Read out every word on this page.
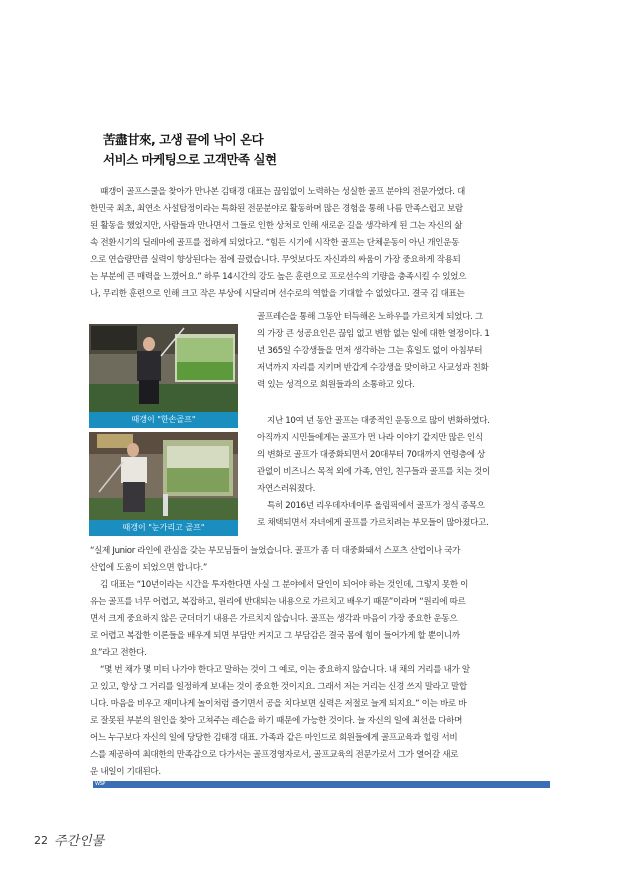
苦盡甘來, 고생 끝에 낙이 온다
서비스 마케팅으로 고객만족 실현
떄갱이 골프스쿨을 찾아가 만나본 김태경 대표는 끊임없이 노력하는 성실한 골프 분야의 전문가였다. 대
한민국 최초, 최연소 사설탐정이라는 특화된 전문분야로 활동하며 많은 경험을 통해 나름 만족스럽고 보람
된 활동을 했었지만, 사람들과 만나면서 그들로 인한 상처로 인해 새로운 길을 생각하게 된 그는 자신의 삶
속 전환시기의 딜레마에 골프를 접하게 되었다고. “힘든 시기에 시작한 골프는 단체운동이 아닌 개인운동
으로 연습량만큼 실력이 향상된다는 점에 끌렸습니다. 무엇보다도 자신과의 싸움이 가장 중요하게 작용되
는 부분에 큰 매력을 느꼈어요.” 하루 14시간의 강도 높은 훈련으로 프로선수의 기량을 충족시킬 수 있었으
나, 무리한 훈련으로 인해 크고 작은 부상에 시달리며 선수로의 역할을 기대할 수 없었다고. 결국 김 대표는
때갱이 "한손골프"
골프레슨을 통해 그동안 터득해온 노하우를 가르치게 되었다. 그
의 가장 큰 성공요인은 끊임 없고 변함 없는 일에 대한 열정이다. 1
년 365일 수강생들을 먼저 생각하는 그는 휴일도 없이 아침부터
저녁까지 자리를 지키며 반갑게 수강생을 맞이하고 사교성과 친화
력 있는 성격으로 회원들과의 소통하고 있다.
때갱이 "눈가리고 골프"
지난 10여 년 동안 골프는 대중적인 운동으로 많이 변화하였다.
아직까지 시민들에게는 골프가 먼 나라 이야기 같지만 많은 인식
의 변화로 골프가 대중화되면서 20대부터 70대까지 연령층에 상
관없이 비즈니스 목적 외에 가족, 연인, 친구들과 골프를 치는 것이
자연스러워졌다.
특히 2016년 리우데자네이루 올림픽에서 골프가 정식 종목으
로 채택되면서 자녀에게 골프를 가르치려는 부모들이 많아졌다고.
“실제 Junior 라인에 관심을 갖는 부모님들이 늘었습니다. 골프가 좀 더 대중화돼서 스포츠 산업이나 국가
산업에 도움이 되었으면 합니다.”
김 대표는 “10년이라는 시간을 투자한다면 사실 그 분야에서 달인이 되어야 하는 것인데, 그렇지 못한 이
유는 골프를 너무 어렵고, 복잡하고, 원리에 반대되는 내용으로 가르치고 배우기 때문”이라며 “원리에 따르
면서 크게 중요하지 않은 군더더기 내용은 가르치지 않습니다. 골프는 생각과 마음이 가장 중요한 운동으
로 어렵고 복잡한 이론들을 배우게 되면 부담만 커지고 그 부담감은 결국 몸에 힘이 들어가게 할 뿐이니까
요”라고 전한다.
“몇 번 채가 몇 미터 나가야 한다고 말하는 것이 그 예로, 이는 중요하지 않습니다. 내 채의 거리를 내가 알
고 있고, 항상 그 거리를 일정하게 보내는 것이 중요한 것이지요. 그래서 저는 거리는 신경 쓰지 말라고 말합
니다. 마음을 비우고 재미나게 놀이처럼 즐기면서 공을 치다보면 실력은 저절로 늘게 되지요.” 이는 바로 바
로 잘못된 부분의 원인을 찾아 고쳐주는 레슨을 하기 때문에 가능한 것이다. 늘 자신의 일에 최선을 다하며
어느 누구보다 자신의 일에 당당한 김태경 대표. 가족과 같은 마인드로 회원들에게 골프교육과 힐링 서비
스를 제공하여 최대한의 만족감으로 다가서는 골프경영자로서, 골프교육의 전문가로서 그가 열어갈 새로
운 내일이 기대된다.
WSP
22 주간인물
